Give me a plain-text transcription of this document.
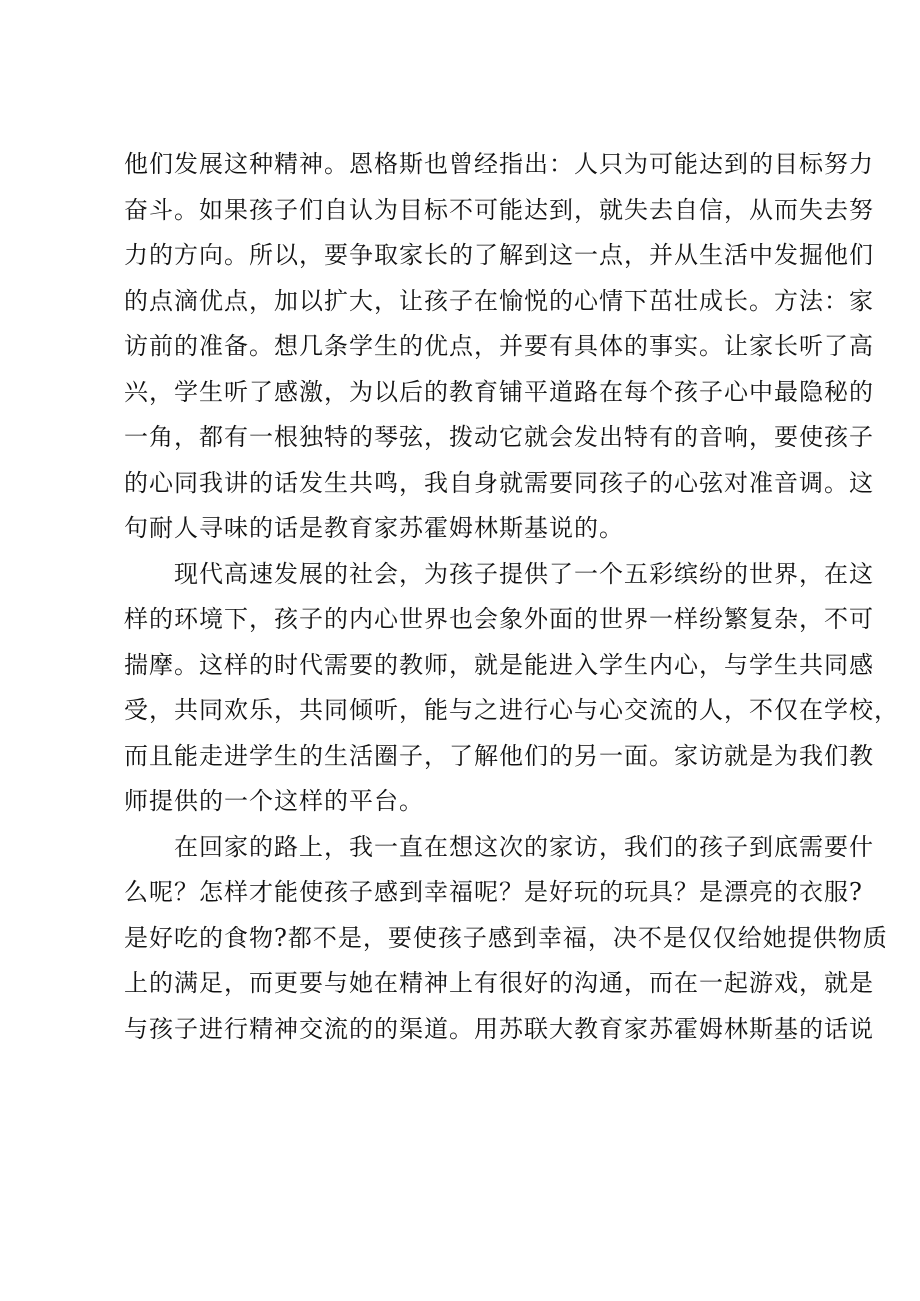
他们发展这种精神。恩格斯也曾经指出：人只为可能达到的目标努力
奋斗。如果孩子们自认为目标不可能达到，就失去自信，从而失去努
力的方向。所以，要争取家长的了解到这一点，并从生活中发掘他们
的点滴优点，加以扩大，让孩子在愉悦的心情下茁壮成长。方法：家
访前的准备。想几条学生的优点，并要有具体的事实。让家长听了高
兴，学生听了感激，为以后的教育铺平道路在每个孩子心中最隐秘的
一角，都有一根独特的琴弦，拨动它就会发出特有的音响，要使孩子
的心同我讲的话发生共鸣，我自身就需要同孩子的心弦对准音调。这
句耐人寻味的话是教育家苏霍姆林斯基说的。
　　现代高速发展的社会，为孩子提供了一个五彩缤纷的世界，在这
样的环境下，孩子的内心世界也会象外面的世界一样纷繁复杂，不可
揣摩。这样的时代需要的教师，就是能进入学生内心，与学生共同感
受，共同欢乐，共同倾听，能与之进行心与心交流的人，不仅在学校，
而且能走进学生的生活圈子，了解他们的另一面。家访就是为我们教
师提供的一个这样的平台。
　　在回家的路上，我一直在想这次的家访，我们的孩子到底需要什
么呢？怎样才能使孩子感到幸福呢？是好玩的玩具？是漂亮的衣服?
是好吃的食物?都不是，要使孩子感到幸福，决不是仅仅给她提供物质
上的满足，而更要与她在精神上有很好的沟通，而在一起游戏，就是
与孩子进行精神交流的的渠道。用苏联大教育家苏霍姆林斯基的话说
